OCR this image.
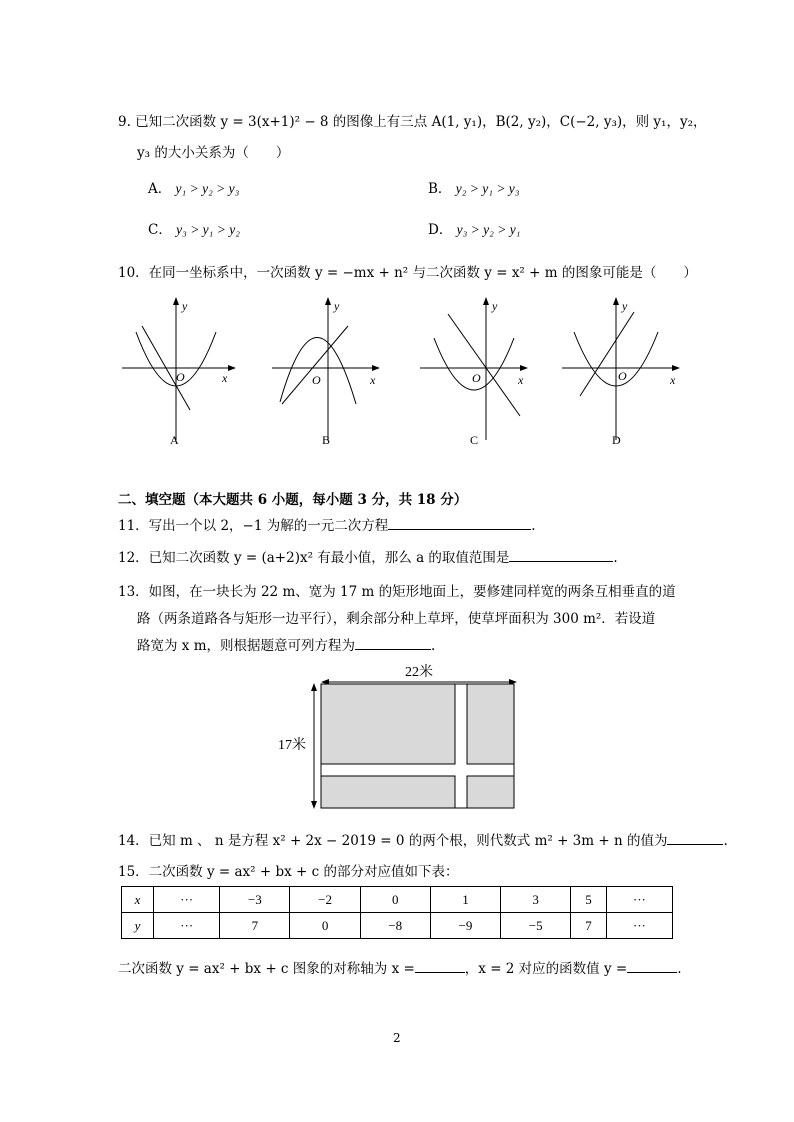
9. 已知二次函数 y = 3(x+1)² − 8 的图像上有三点 A(1, y₁)，B(2, y₂)，C(−2, y₃)，则 y₁，y₂，
y₃ 的大小关系为（　　）
A． y₁ > y₂ > y₃	B． y₂ > y₁ > y₃
C． y₃ > y₁ > y₂	D． y₃ > y₂ > y₁
10．在同一坐标系中，一次函数 y = −mx + n² 与二次函数 y = x² + m 的图象可能是（　　）
y
x
O
A
y
x
O
B
y
x
O
C
y
x
O
D
二、填空题（本大题共 6 小题，每小题 3 分，共 18 分）
11．写出一个以 2，−1 为解的一元二次方程	.
12．已知二次函数 y = (a+2)x² 有最小值，那么 a 的取值范围是	.
13．如图，在一块长为 22 m、宽为 17 m 的矩形地面上，要修建同样宽的两条互相垂直的道
路（两条道路各与矩形一边平行），剩余部分种上草坪，使草坪面积为 300 m²．若设道
路宽为 x m，则根据题意可列方程为	.
22米
17米
14．已知 m 、 n 是方程 x² + 2x − 2019 = 0 的两个根，则代数式 m² + 3m + n 的值为	.
15．二次函数 y = ax² + bx + c 的部分对应值如下表：
x	···	−3	−2	0	1	3	5	···
y	···	7	0	−8	−9	−5	7	···
二次函数 y = ax² + bx + c 图象的对称轴为 x =	，x = 2 对应的函数值 y =	.
2
